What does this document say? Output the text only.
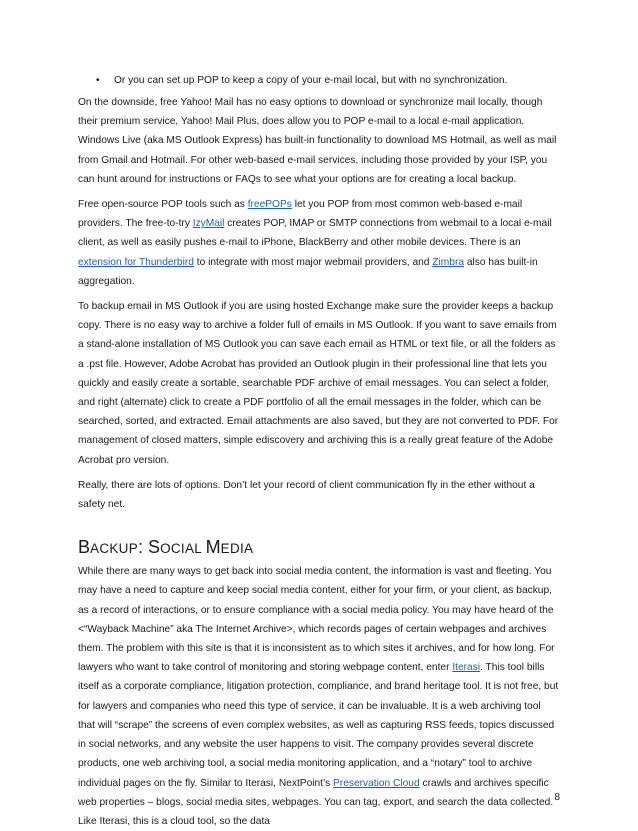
• Or you can set up POP to keep a copy of your e-mail local, but with no synchronization.

On the downside, free Yahoo! Mail has no easy options to download or synchronize mail locally, though their premium service, Yahoo! Mail Plus, does allow you to POP e-mail to a local e-mail application. Windows Live (aka MS Outlook Express) has built-in functionality to download MS Hotmail, as well as mail from Gmail and Hotmail. For other web-based e-mail services, including those provided by your ISP, you can hunt around for instructions or FAQs to see what your options are for creating a local backup.

Free open-source POP tools such as freePOPs let you POP from most common web-based e-mail providers. The free-to-try IzyMail creates POP, IMAP or SMTP connections from webmail to a local e-mail client, as well as easily pushes e-mail to iPhone, BlackBerry and other mobile devices. There is an extension for Thunderbird to integrate with most major webmail providers, and Zimbra also has built-in aggregation.

To backup email in MS Outlook if you are using hosted Exchange make sure the provider keeps a backup copy. There is no easy way to archive a folder full of emails in MS Outlook. If you want to save emails from a stand-alone installation of MS Outlook you can save each email as HTML or text file, or all the folders as a .pst file. However, Adobe Acrobat has provided an Outlook plugin in their professional line that lets you quickly and easily create a sortable, searchable PDF archive of email messages. You can select a folder, and right (alternate) click to create a PDF portfolio of all the email messages in the folder, which can be searched, sorted, and extracted. Email attachments are also saved, but they are not converted to PDF. For management of closed matters, simple ediscovery and archiving this is a really great feature of the Adobe Acrobat pro version.

Really, there are lots of options. Don’t let your record of client communication fly in the ether without a safety net.

BACKUP: SOCIAL MEDIA

While there are many ways to get back into social media content, the information is vast and fleeting. You may have a need to capture and keep social media content, either for your firm, or your client, as backup, as a record of interactions, or to ensure compliance with a social media policy. You may have heard of the <“Wayback Machine” aka The Internet Archive>, which records pages of certain webpages and archives them. The problem with this site is that it is inconsistent as to which sites it archives, and for how long. For lawyers who want to take control of monitoring and storing webpage content, enter Iterasi. This tool bills itself as a corporate compliance, litigation protection, compliance, and brand heritage tool. It is not free, but for lawyers and companies who need this type of service, it can be invaluable. It is a web archiving tool that will “scrape” the screens of even complex websites, as well as capturing RSS feeds, topics discussed in social networks, and any website the user happens to visit. The company provides several discrete products, one web archiving tool, a social media monitoring application, and a “notary” tool to archive individual pages on the fly. Similar to Iterasi, NextPoint’s Preservation Cloud crawls and archives specific web properties – blogs, social media sites, webpages. You can tag, export, and search the data collected. Like Iterasi, this is a cloud tool, so the data

8
